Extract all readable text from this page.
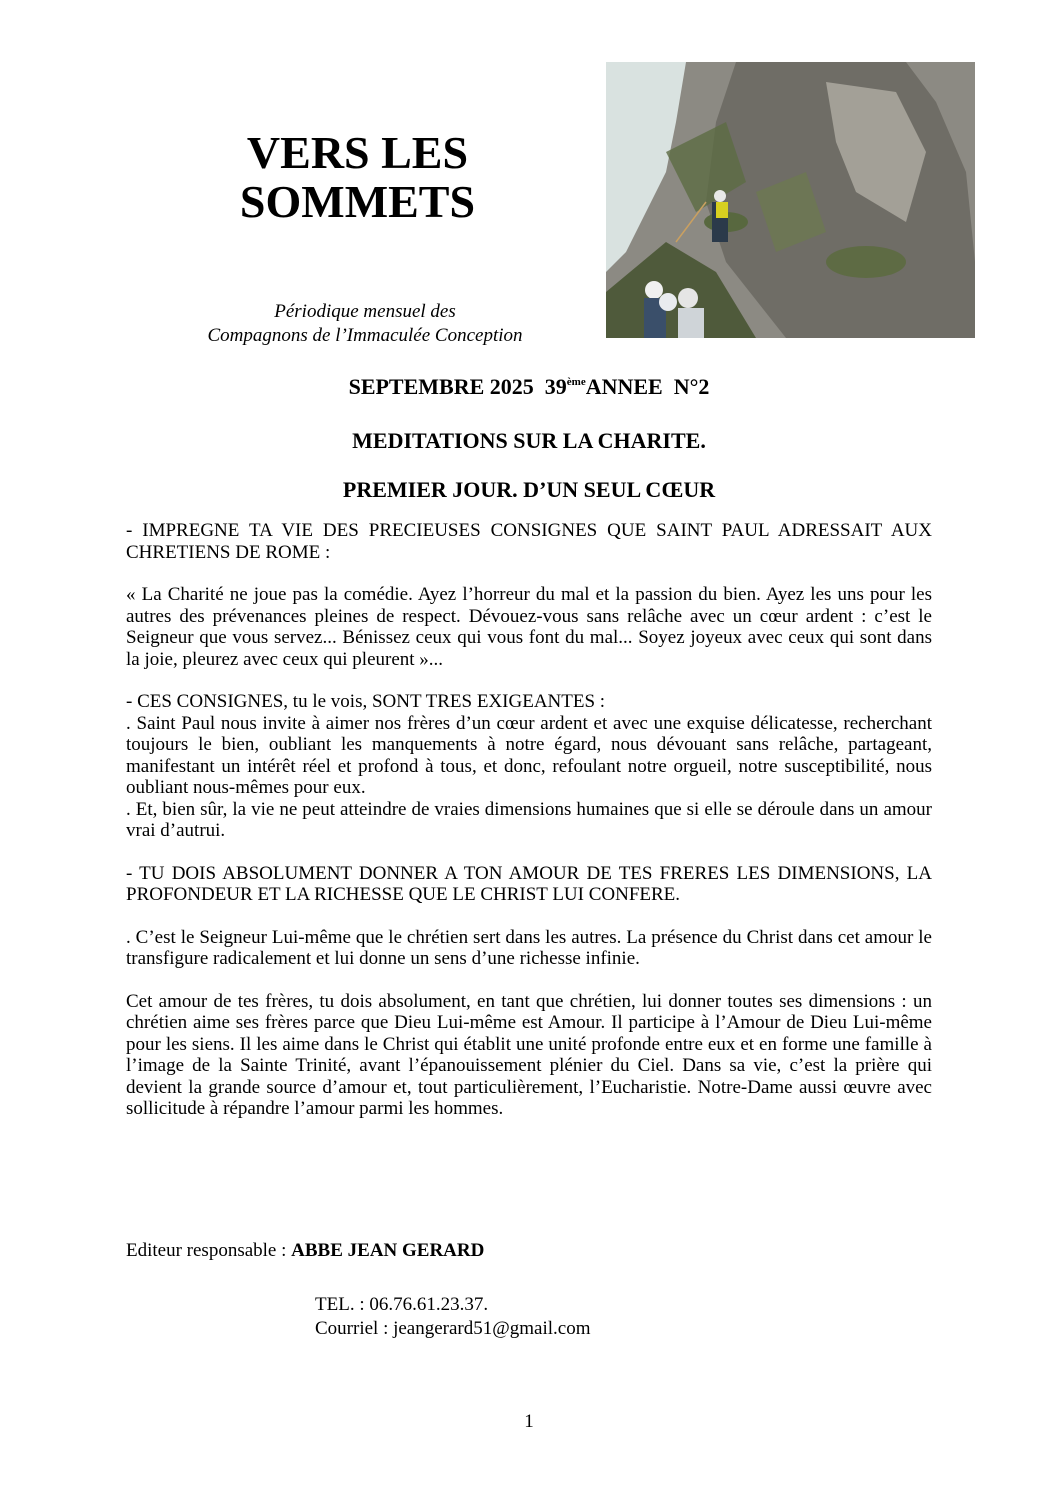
VERS LES
SOMMETS
Périodique mensuel des
Compagnons de l’Immaculée Conception
SEPTEMBRE 2025 39èmeANNEE N°2
MEDITATIONS SUR LA CHARITE.
PREMIER JOUR. D’UN SEUL CŒUR

- IMPREGNE TA VIE DES PRECIEUSES CONSIGNES QUE SAINT PAUL ADRESSAIT AUX CHRETIENS DE ROME :

« La Charité ne joue pas la comédie. Ayez l’horreur du mal et la passion du bien. Ayez les uns pour les autres des prévenances pleines de respect. Dévouez-vous sans relâche avec un cœur ardent : c’est le Seigneur que vous servez... Bénissez ceux qui vous font du mal... Soyez joyeux avec ceux qui sont dans la joie, pleurez avec ceux qui pleurent »...

- CES CONSIGNES, tu le vois, SONT TRES EXIGEANTES :

. Saint Paul nous invite à aimer nos frères d’un cœur ardent et avec une exquise délicatesse, recherchant toujours le bien, oubliant les manquements à notre égard, nous dévouant sans relâche, partageant, manifestant un intérêt réel et profond à tous, et donc, refoulant notre orgueil, notre susceptibilité, nous oubliant nous-mêmes pour eux.

. Et, bien sûr, la vie ne peut atteindre de vraies dimensions humaines que si elle se déroule dans un amour vrai d’autrui.

- TU DOIS ABSOLUMENT DONNER A TON AMOUR DE TES FRERES LES DIMENSIONS, LA PROFONDEUR ET LA RICHESSE QUE LE CHRIST LUI CONFERE.

. C’est le Seigneur Lui-même que le chrétien sert dans les autres. La présence du Christ dans cet amour le transfigure radicalement et lui donne un sens d’une richesse infinie.

Cet amour de tes frères, tu dois absolument, en tant que chrétien, lui donner toutes ses dimensions : un chrétien aime ses frères parce que Dieu Lui-même est Amour. Il participe à l’Amour de Dieu Lui-même pour les siens. Il les aime dans le Christ qui établit une unité profonde entre eux et en forme une famille à l’image de la Sainte Trinité, avant l’épanouissement plénier du Ciel. Dans sa vie, c’est la prière qui devient la grande source d’amour et, tout particulièrement, l’Eucharistie. Notre-Dame aussi œuvre avec sollicitude à répandre l’amour parmi les hommes.

Editeur responsable : ABBE JEAN GERARD
TEL. : 06.76.61.23.37.
Courriel : jeangerard51@gmail.com
1
